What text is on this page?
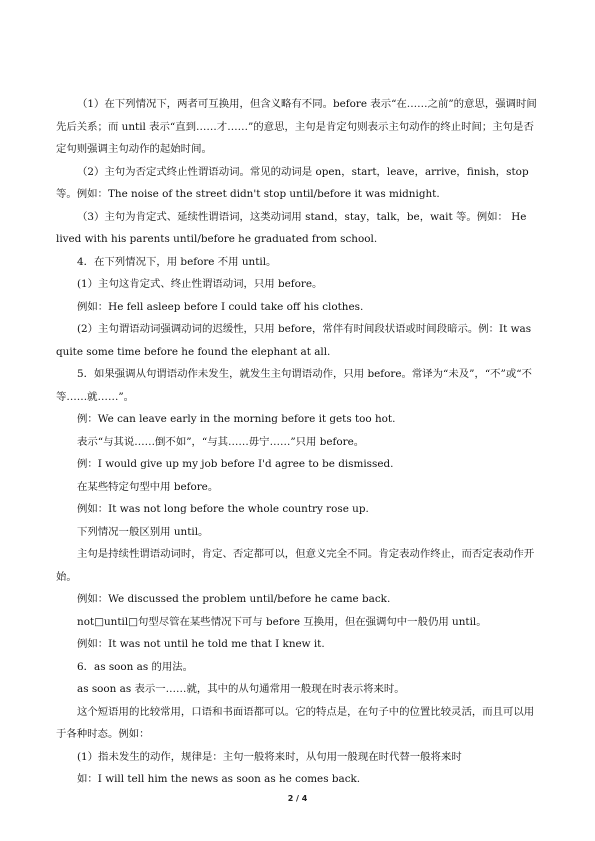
（1）在下列情况下，两者可互换用，但含义略有不同。before 表示“在……之前”的意思，强调时间先后关系；而 until 表示“直到……才……”的意思，主句是肯定句则表示主句动作的终止时间；主句是否定句则强调主句动作的起始时间。

（2）主句为否定式终止性谓语动词。常见的动词是 open，start，leave，arrive，finish，stop 等。例如：The noise of the street didn't stop until/before it was midnight.

（3）主句为肯定式、延续性谓语词，这类动词用 stand，stay，talk，be，wait 等。例如： He lived with his parents until/before he graduated from school.

4．在下列情况下，用 before 不用 until。

(1）主句这肯定式、终止性谓语动词，只用 before。

例如：He fell asleep before I could take off his clothes.

(2）主句谓语动词强调动词的迟缓性，只用 before，常伴有时间段状语或时间段暗示。例：It was quite some time before he found the elephant at all.

5．如果强调从句谓语动作未发生，就发生主句谓语动作，只用 before。常译为“未及”，“不”或“不等……就……”。

例：We can leave early in the morning before it gets too hot.

表示“与其说……倒不如”，“与其……毋宁……”只用 before。

例：I would give up my job before I'd agree to be dismissed.

在某些特定句型中用 before。

例如：It was not long before the whole country rose up.

下列情况一般区别用 until。

主句是持续性谓语动词时，肯定、否定都可以，但意义完全不同。肯定表动作终止，而否定表动作开始。

例如：We discussed the problem until/before he came back.

not□until□句型尽管在某些情况下可与 before 互换用，但在强调句中一般仍用 until。

例如：It was not until he told me that I knew it.

6．as soon as 的用法。

as soon as 表示一……就，其中的从句通常用一般现在时表示将来时。

这个短语用的比较常用，口语和书面语都可以。它的特点是，在句子中的位置比较灵活，而且可以用于各种时态。例如：

(1）指未发生的动作，规律是：主句一般将来时，从句用一般现在时代替一般将来时

如：I will tell him the news as soon as he comes back.

2 / 4
